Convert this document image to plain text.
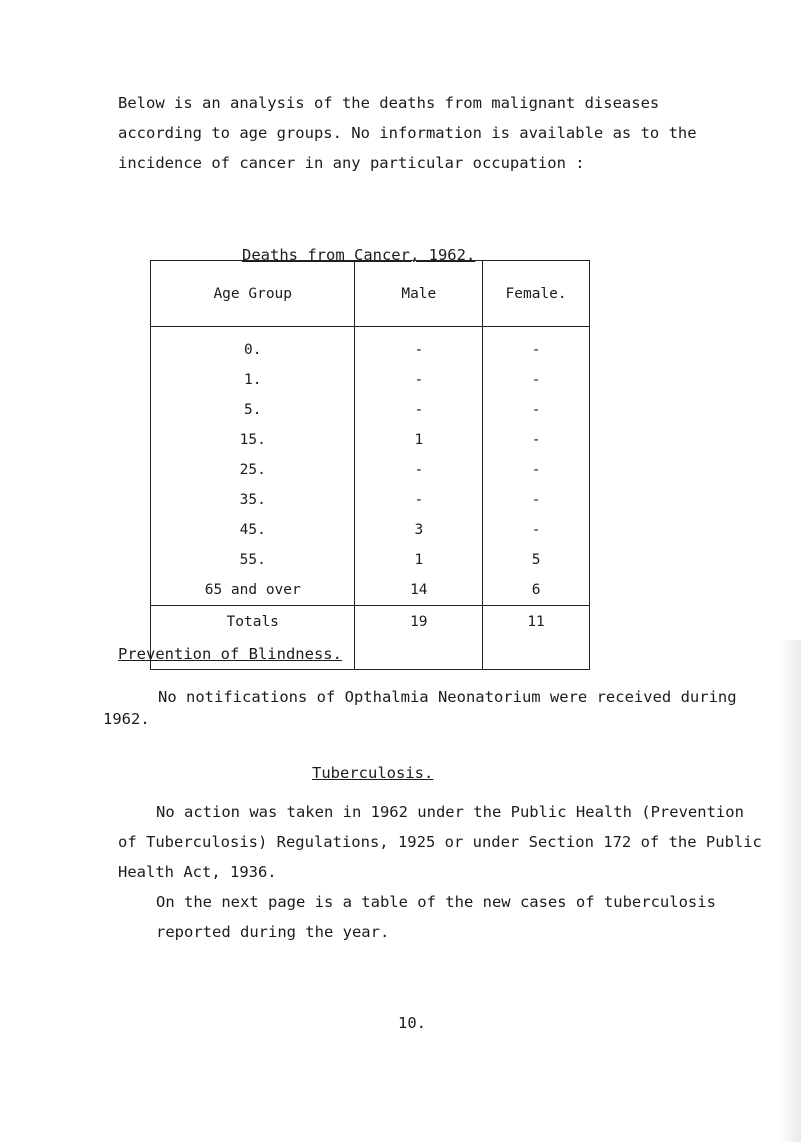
Below is an analysis of the deaths from malignant diseases
according to age groups. No information is available as to the
incidence of cancer in any particular occupation :
Deaths from Cancer, 1962.
Age Group	Male	Female.
0.	-	-
1.	-	-
5.	-	-
15.	1	-
25.	-	-
35.	-	-
45.	3	-
55.	1	5
65 and over	14	6
Totals	19	11
Prevention of Blindness.
No notifications of Opthalmia Neonatorium were received during
1962.
Tuberculosis.
No action was taken in 1962 under the Public Health (Prevention
of Tuberculosis) Regulations, 1925 or under Section 172 of the Public
Health Act, 1936.
On the next page is a table of the new cases of tuberculosis
reported during the year.
10.
